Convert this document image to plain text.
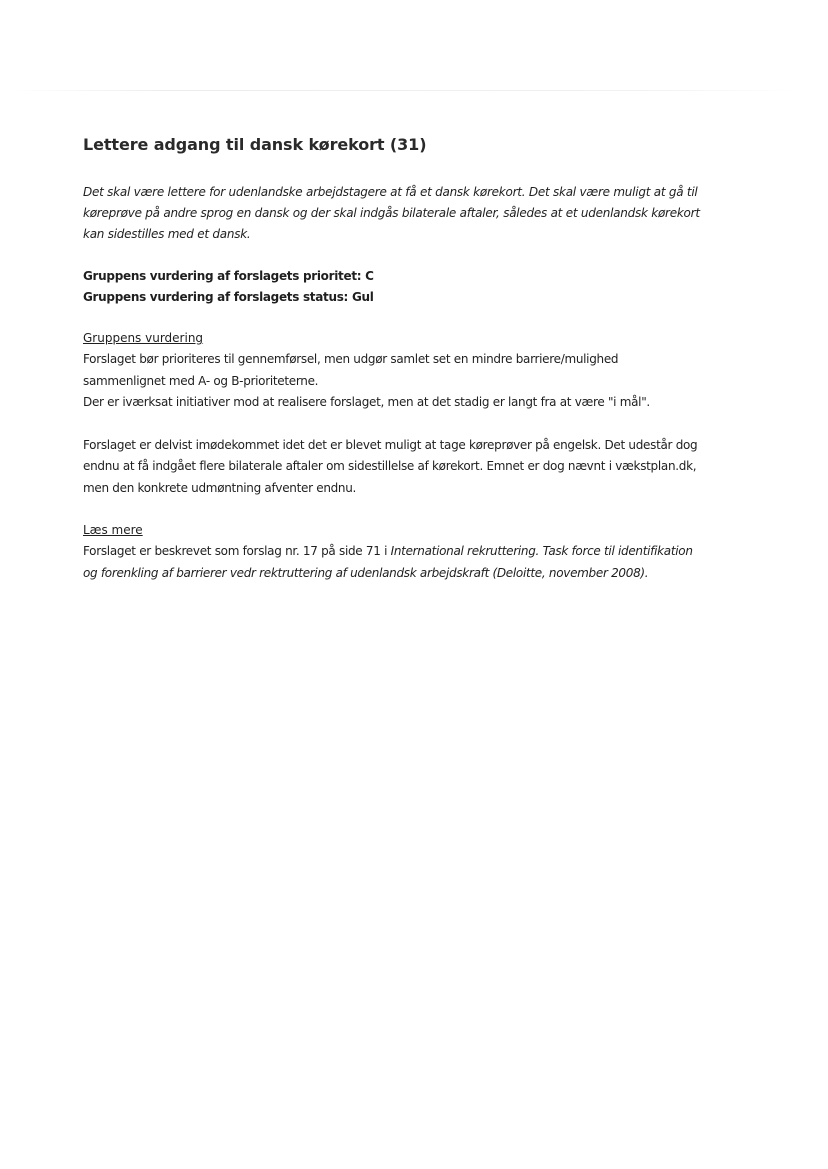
Lettere adgang til dansk kørekort (31)
Det skal være lettere for udenlandske arbejdstagere at få et dansk kørekort. Det skal være muligt at gå til
køreprøve på andre sprog en dansk og der skal indgås bilaterale aftaler, således at et udenlandsk kørekort
kan sidestilles med et dansk.

Gruppens vurdering af forslagets prioritet: C

Gruppens vurdering af forslagets status: Gul

Gruppens vurdering

Forslaget bør prioriteres til gennemførsel, men udgør samlet set en mindre barriere/mulighed

sammenlignet med A- og B-prioriteterne.

Der er iværksat initiativer mod at realisere forslaget, men at det stadig er langt fra at være "i mål".

Forslaget er delvist imødekommet idet det er blevet muligt at tage køreprøver på engelsk. Det udestår dog

endnu at få indgået flere bilaterale aftaler om sidestillelse af kørekort. Emnet er dog nævnt i vækstplan.dk,

men den konkrete udmøntning afventer endnu.

Læs mere

Forslaget er beskrevet som forslag nr. 17 på side 71 i International rekruttering. Task force til identifikation

og forenkling af barrierer vedr rektruttering af udenlandsk arbejdskraft (Deloitte, november 2008).
